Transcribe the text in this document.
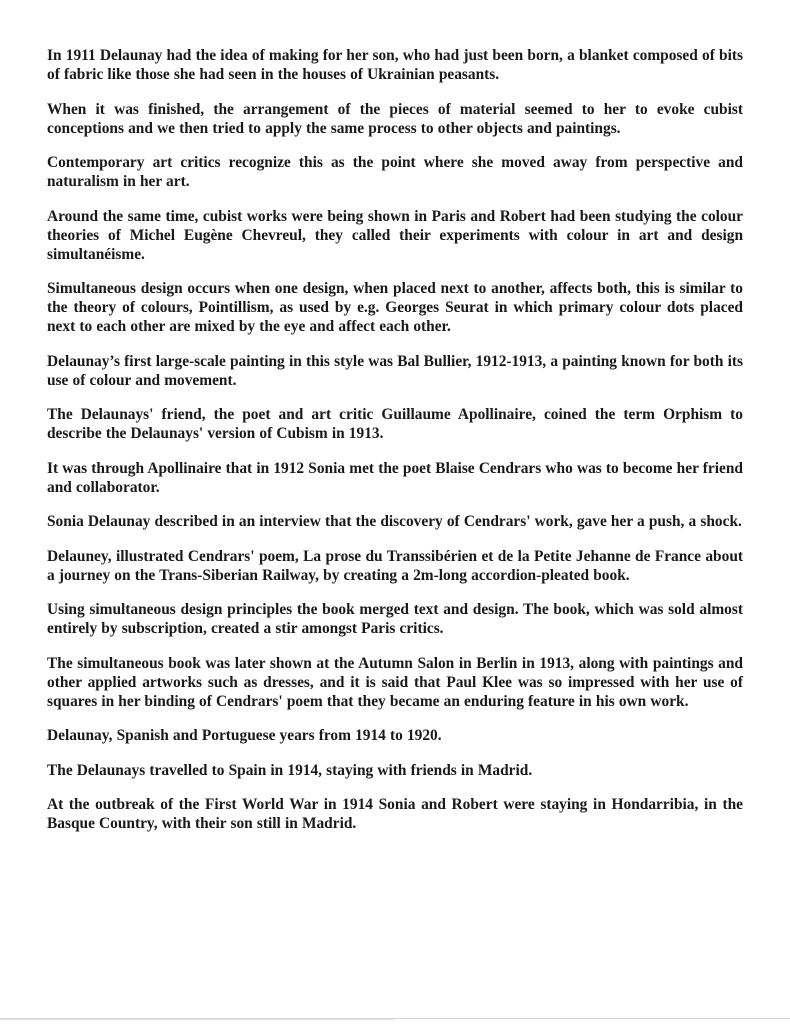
In 1911 Delaunay had the idea of making for her son, who had just been born, a blanket composed of bits of fabric like those she had seen in the houses of Ukrainian peasants.

When it was finished, the arrangement of the pieces of material seemed to her to evoke cubist conceptions and we then tried to apply the same process to other objects and paintings.

Contemporary art critics recognize this as the point where she moved away from perspective and naturalism in her art.

Around the same time, cubist works were being shown in Paris and Robert had been studying the colour theories of Michel Eugène Chevreul, they called their experiments with colour in art and design simultanéisme.

Simultaneous design occurs when one design, when placed next to another, affects both, this is similar to the theory of colours, Pointillism, as used by e.g. Georges Seurat in which primary colour dots placed next to each other are mixed by the eye and affect each other.

Delaunay’s first large-scale painting in this style was Bal Bullier, 1912-1913, a painting known for both its use of colour and movement.

The Delaunays' friend, the poet and art critic Guillaume Apollinaire, coined the term Orphism to describe the Delaunays' version of Cubism in 1913.

It was through Apollinaire that in 1912 Sonia met the poet Blaise Cendrars who was to become her friend and collaborator.

Sonia Delaunay described in an interview that the discovery of Cendrars' work, gave her a push, a shock.

Delauney, illustrated Cendrars' poem, La prose du Transsibérien et de la Petite Jehanne de France about a journey on the Trans-Siberian Railway, by creating a 2m-long accordion-pleated book.

Using simultaneous design principles the book merged text and design. The book, which was sold almost entirely by subscription, created a stir amongst Paris critics.

The simultaneous book was later shown at the Autumn Salon in Berlin in 1913, along with paintings and other applied artworks such as dresses, and it is said that Paul Klee was so impressed with her use of squares in her binding of Cendrars' poem that they became an enduring feature in his own work.

Delaunay, Spanish and Portuguese years from 1914 to 1920.

The Delaunays travelled to Spain in 1914, staying with friends in Madrid.

At the outbreak of the First World War in 1914 Sonia and Robert were staying in Hondarribia, in the Basque Country, with their son still in Madrid.
